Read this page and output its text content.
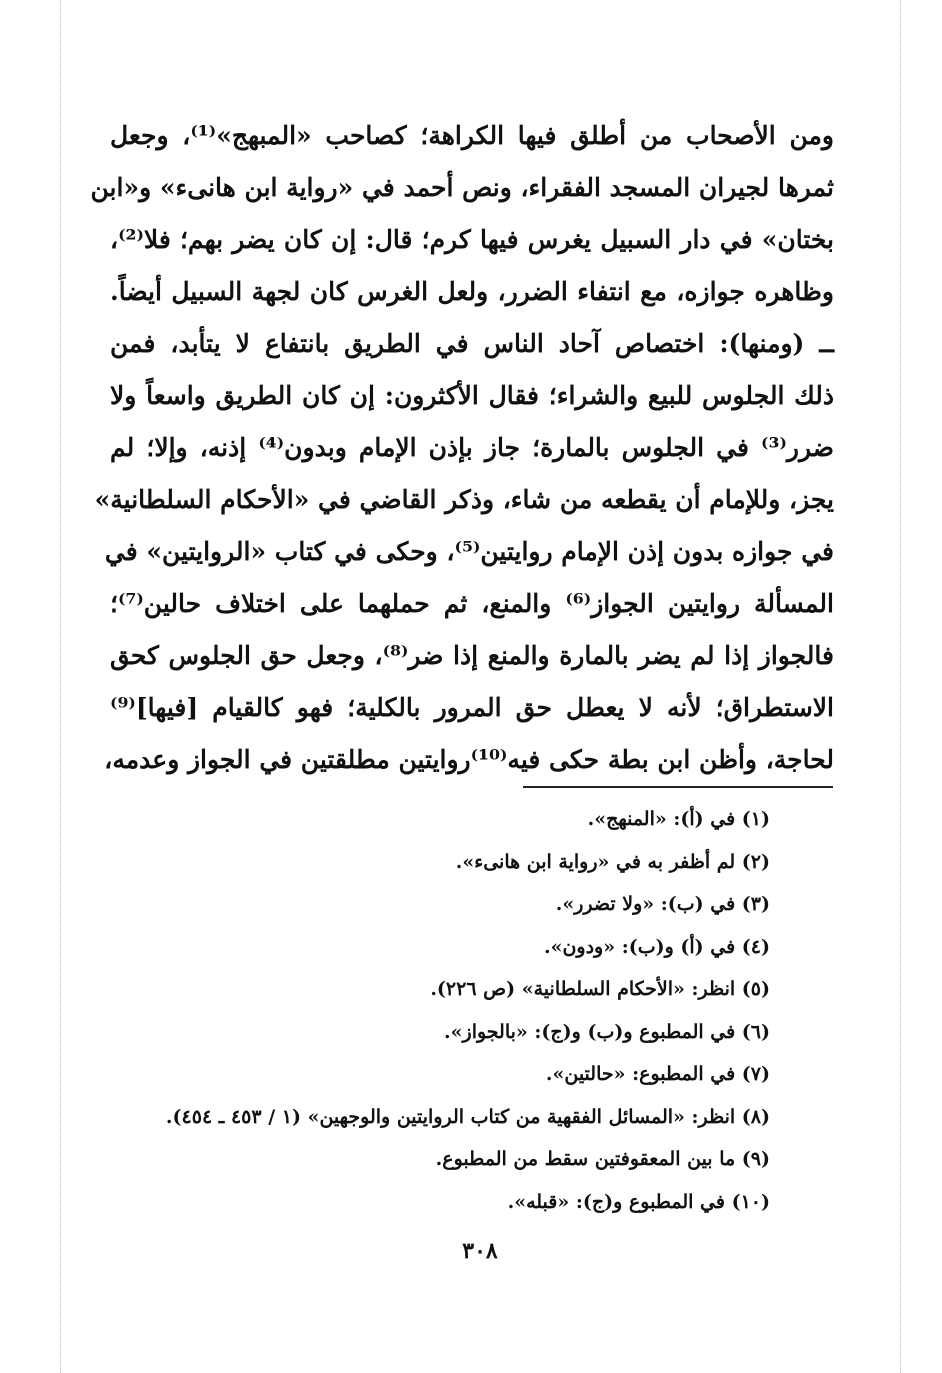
ومن الأصحاب من أطلق فيها الكراهة؛ كصاحب «المبهج»⁽¹⁾، وجعل
ثمرها لجيران المسجد الفقراء، ونص أحمد في «رواية ابن هانىء» و«ابن
بختان» في دار السبيل يغرس فيها كرم؛ قال: إن كان يضر بهم؛ فلا⁽²⁾،
وظاهره جوازه، مع انتفاء الضرر، ولعل الغرس كان لجهة السبيل أيضاً.
ــ (ومنها): اختصاص آحاد الناس في الطريق بانتفاع لا يتأبد، فمن
ذلك الجلوس للبيع والشراء؛ فقال الأكثرون: إن كان الطريق واسعاً ولا
ضرر⁽³⁾ في الجلوس بالمارة؛ جاز بإذن الإمام وبدون⁽⁴⁾ إذنه، وإلا؛ لم
يجز، وللإمام أن يقطعه من شاء، وذكر القاضي في «الأحكام السلطانية»
في جوازه بدون إذن الإمام روايتين⁽⁵⁾، وحكى في كتاب «الروايتين» في
المسألة روايتين الجواز⁽⁶⁾ والمنع، ثم حملهما على اختلاف حالين⁽⁷⁾؛
فالجواز إذا لم يضر بالمارة والمنع إذا ضر⁽⁸⁾، وجعل حق الجلوس كحق
الاستطراق؛ لأنه لا يعطل حق المرور بالكلية؛ فهو كالقيام [فيها]⁽⁹⁾
لحاجة، وأظن ابن بطة حكى فيه⁽¹⁰⁾روايتين مطلقتين في الجواز وعدمه،
(١) في (أ): «المنهج».
(٢) لم أظفر به في «رواية ابن هانىء».
(٣) في (ب): «ولا تضرر».
(٤) في (أ) و(ب): «ودون».
(٥) انظر: «الأحكام السلطانية» (ص ٢٢٦).
(٦) في المطبوع و(ب) و(ج): «بالجواز».
(٧) في المطبوع: «حالتين».
(٨) انظر: «المسائل الفقهية من كتاب الروايتين والوجهين» (١ / ٤٥٣ ـ ٤٥٤).
(٩) ما بين المعقوفتين سقط من المطبوع.
(١٠) في المطبوع و(ج): «قبله».
٣٠٨
